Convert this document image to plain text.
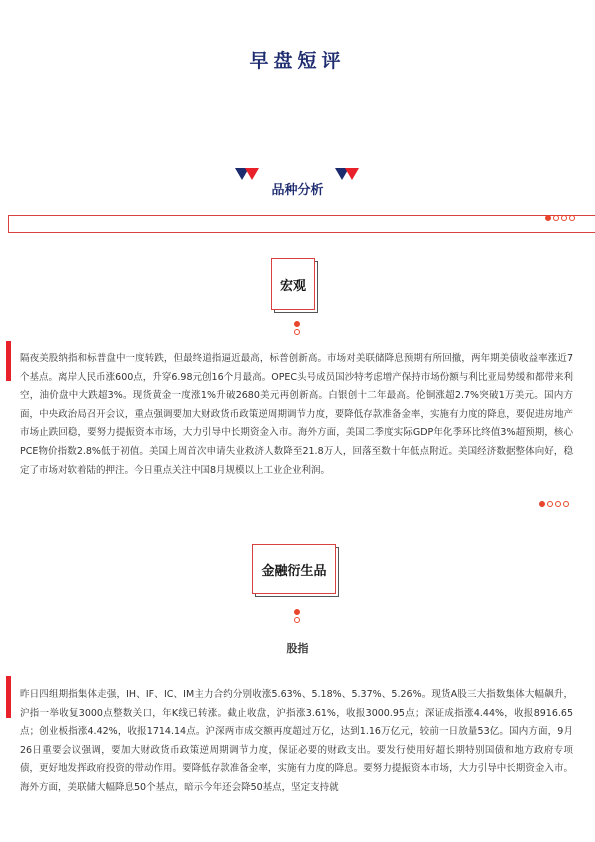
早盘短评
品种分析
宏观
隔夜美股纳指和标普盘中一度转跌，但最终道指逼近最高，标普创新高。市场对美联储降息预期有所回撤，两年期美债收益率涨近7个基点。离岸人民币涨600点，升穿6.98元创16个月最高。OPEC头号成员国沙特考虑增产保持市场份额与利比亚局势缓和都带来利空，油价盘中大跌超3%。现货黄金一度涨1%升破2680美元再创新高。白银创十二年最高。伦铜涨超2.7%突破1万美元。国内方面，中央政治局召开会议，重点强调要加大财政货币政策逆周期调节力度，要降低存款准备金率，实施有力度的降息，要促进房地产市场止跌回稳，要努力提振资本市场，大力引导中长期资金入市。海外方面，美国二季度实际GDP年化季环比终值3%超预期，核心PCE物价指数2.8%低于初值。美国上周首次申请失业救济人数降至21.8万人，回落至数十年低点附近。美国经济数据整体向好，稳定了市场对软着陆的押注。今日重点关注中国8月规模以上工业企业利润。
金融衍生品
股指
昨日四组期指集体走强，IH、IF、IC、IM主力合约分别收涨5.63%、5.18%、5.37%、5.26%。现货A股三大指数集体大幅飙升，沪指一举收复3000点整数关口，年K线已转涨。截止收盘，沪指涨3.61%，收报3000.95点；深证成指涨4.44%，收报8916.65点；创业板指涨4.42%，收报1714.14点。沪深两市成交额再度超过万亿，达到1.16万亿元，较前一日放量53亿。国内方面，9月26日重要会议强调，要加大财政货币政策逆周期调节力度，保证必要的财政支出。要发行使用好超长期特别国债和地方政府专项债，更好地发挥政府投资的带动作用。要降低存款准备金率，实施有力度的降息。要努力提振资本市场，大力引导中长期资金入市。海外方面，美联储大幅降息50个基点，暗示今年还会降50基点，坚定支持就
